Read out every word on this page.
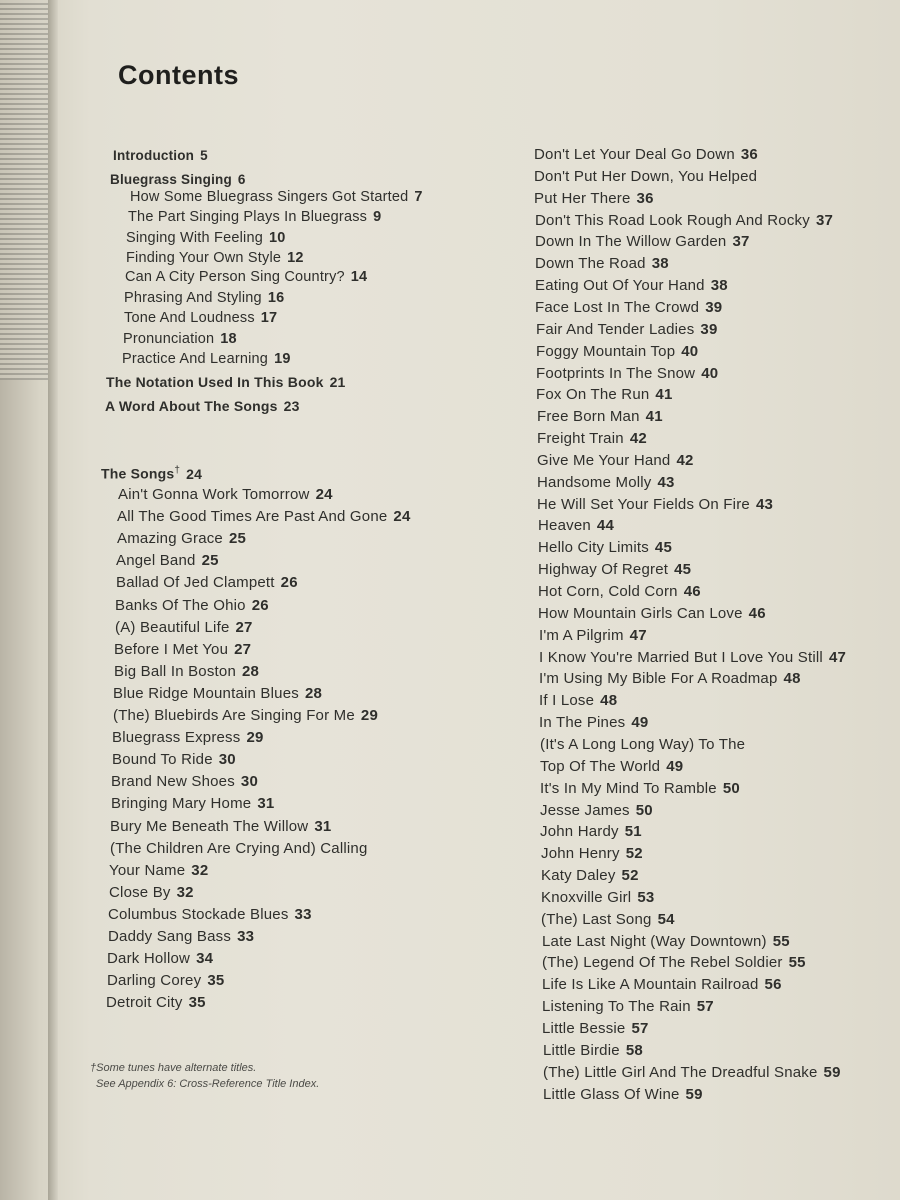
Contents
†Some tunes have alternate titles.
See Appendix 6: Cross-Reference Title Index.
Introduction 5
Bluegrass Singing 6
How Some Bluegrass Singers Got Started 7
The Part Singing Plays In Bluegrass 9
Singing With Feeling 10
Finding Your Own Style 12
Can A City Person Sing Country? 14
Phrasing And Styling 16
Tone And Loudness 17
Pronunciation 18
Practice And Learning 19
The Notation Used In This Book 21
A Word About The Songs 23
The Songs† 24
Ain't Gonna Work Tomorrow 24
All The Good Times Are Past And Gone 24
Amazing Grace 25
Angel Band 25
Ballad Of Jed Clampett 26
Banks Of The Ohio 26
(A) Beautiful Life 27
Before I Met You 27
Big Ball In Boston 28
Blue Ridge Mountain Blues 28
(The) Bluebirds Are Singing For Me 29
Bluegrass Express 29
Bound To Ride 30
Brand New Shoes 30
Bringing Mary Home 31
Bury Me Beneath The Willow 31
(The Children Are Crying And) Calling
Your Name 32
Close By 32
Columbus Stockade Blues 33
Daddy Sang Bass 33
Dark Hollow 34
Darling Corey 35
Detroit City 35
Don't Let Your Deal Go Down 36
Don't Put Her Down, You Helped
Put Her There 36
Don't This Road Look Rough And Rocky 37
Down In The Willow Garden 37
Down The Road 38
Eating Out Of Your Hand 38
Face Lost In The Crowd 39
Fair And Tender Ladies 39
Foggy Mountain Top 40
Footprints In The Snow 40
Fox On The Run 41
Free Born Man 41
Freight Train 42
Give Me Your Hand 42
Handsome Molly 43
He Will Set Your Fields On Fire 43
Heaven 44
Hello City Limits 45
Highway Of Regret 45
Hot Corn, Cold Corn 46
How Mountain Girls Can Love 46
I'm A Pilgrim 47
I Know You're Married But I Love You Still 47
I'm Using My Bible For A Roadmap 48
If I Lose 48
In The Pines 49
(It's A Long Long Way) To The
Top Of The World 49
It's In My Mind To Ramble 50
Jesse James 50
John Hardy 51
John Henry 52
Katy Daley 52
Knoxville Girl 53
(The) Last Song 54
Late Last Night (Way Downtown) 55
(The) Legend Of The Rebel Soldier 55
Life Is Like A Mountain Railroad 56
Listening To The Rain 57
Little Bessie 57
Little Birdie 58
(The) Little Girl And The Dreadful Snake 59
Little Glass Of Wine 59
